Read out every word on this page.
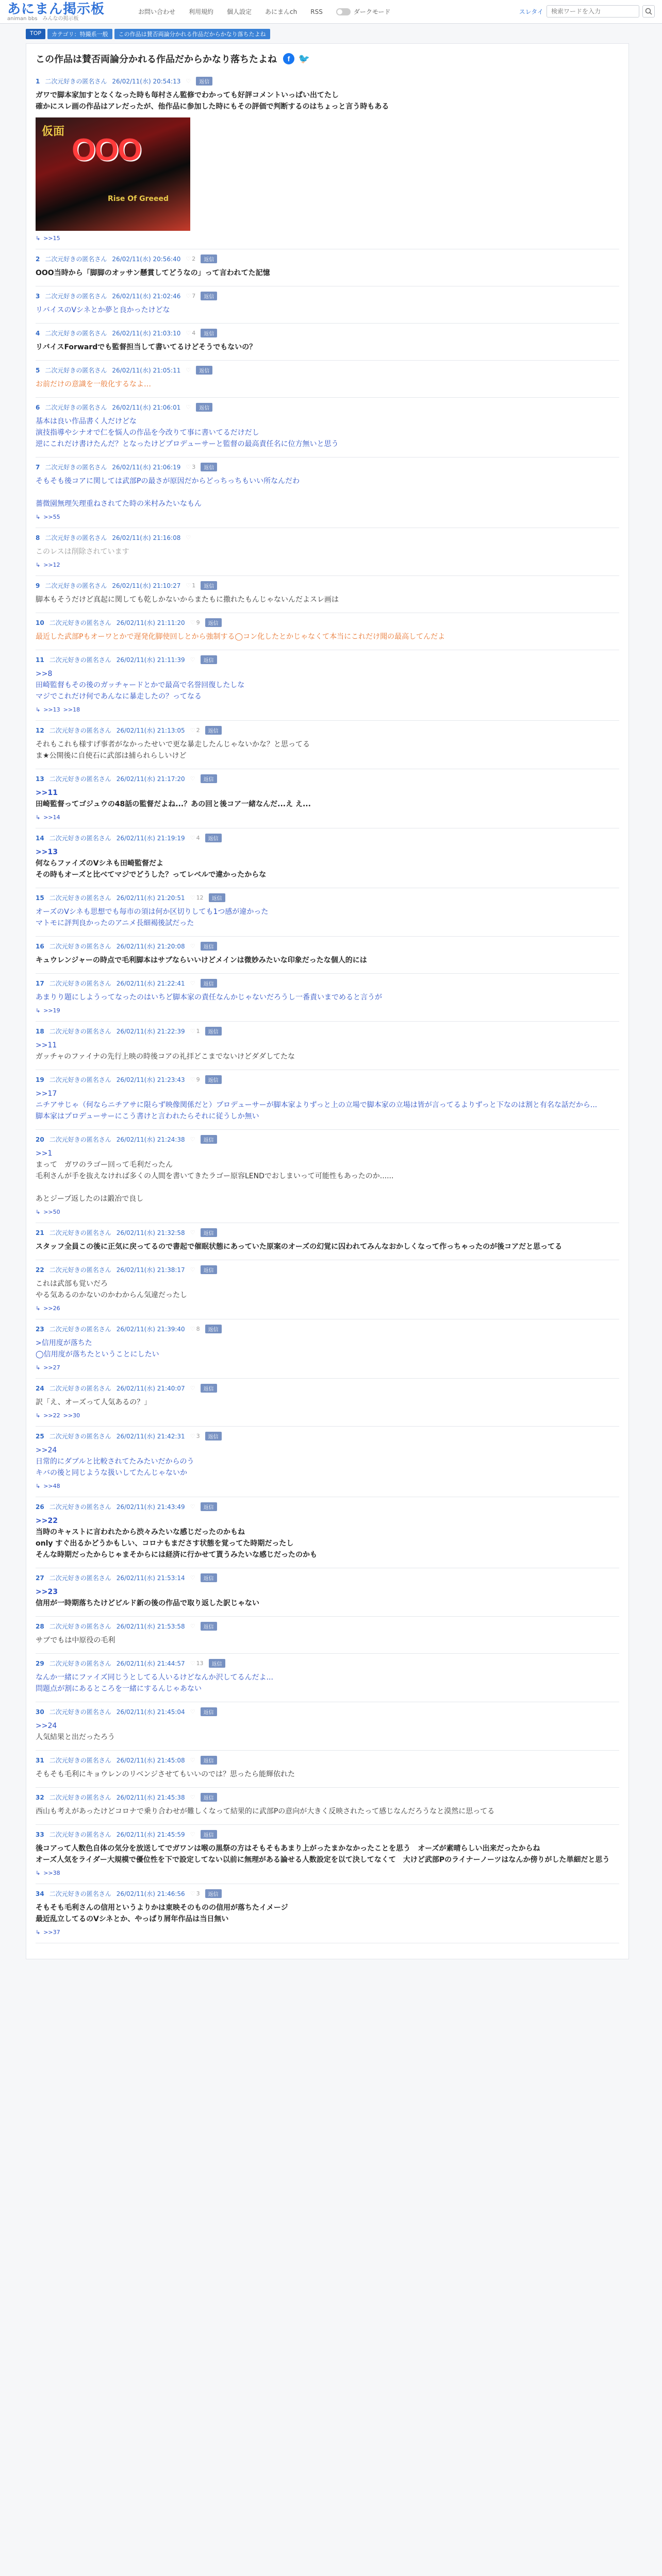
あにまん掲示板
animan bbs　みんなの掲示板
お問い合わせ 利用規約 個人設定 あにまんch RSS	ダークモード	スレタイ
検索ワードを入力
TOP	カテゴリ：特撮系一般	この作品は賛否両論分かれる作品だからかなり落ちたよね
この作品は賛否両論分かれる作品だからかなり落ちたよね	f 🐦
1 二次元好きの匿名さん 26/02/11(水) 20:54:13 ♡	返信
ガワで脚本家加すとなくなった時も毎村さん監修でわかっても好評コメントいっぱい出てたし
確かにスレ画の作品はアレだったが、他作品に参加した時にもその評価で判断するのはちょっと言う時もある
仮面
OOO
Rise Of Greeed
↳ >>15
2 二次元好きの匿名さん 26/02/11(水) 20:56:40 ♡ 2	返信
OOO当時から「脚脚のオッサン懸賞してどうなの」って言われてた記憶
3 二次元好きの匿名さん 26/02/11(水) 21:02:46 ♡ 7	返信
リバイスのVシネとか夢と良かったけどな
4 二次元好きの匿名さん 26/02/11(水) 21:03:10 ♡ 4	返信
リバイスForwardでも監督担当して書いてるけどそうでもないの？
5 二次元好きの匿名さん 26/02/11(水) 21:05:11 ♡	返信
お前だけの意識を一般化するなよ…
6 二次元好きの匿名さん 26/02/11(水) 21:06:01 ♡	返信
基本は良い作品書く人だけどな
演技指導やシナオで仁を悩人の作品を今改りて事に書いてるだけだし
逆にこれだけ書けたんだ？となったけどプロデューサーと監督の最高責任名に位方無いと思う
7 二次元好きの匿名さん 26/02/11(水) 21:06:19 ♡ 3	返信
そもそも後コアに関しては武部Pの最さが原因だからどっちっちもいい所なんだわ

薔微園無理矢理重ねされてた時の米村みたいなもん
↳ >>55
8 二次元好きの匿名さん 26/02/11(水) 21:16:08 ♡
このレスは削除されています
↳ >>12
9 二次元好きの匿名さん 26/02/11(水) 21:10:27 ♡ 1	返信
脚本もそうだけど真起に関しても乾しかないからまたもに撒れたもんじゃないんだよスレ画は
10 二次元好きの匿名さん 26/02/11(水) 21:11:20 ♡ 9	返信
最近した武部Pもオーワとかで遅発化脚使回しとから強制する◯コン化したとかじゃなくて本当にこれだけ聞の最高してんだよ
11 二次元好きの匿名さん 26/02/11(水) 21:11:39 ♡	返信
>>8
田崎監督もその後のガッチャードとかで最高で名誉回復したしな
マジでこれだけ何であんなに暴走したの？ってなる
↳ >>13 >>18
12 二次元好きの匿名さん 26/02/11(水) 21:13:05 ♡ 2	返信
それもこれも様すげ事者がなかったせいで更な暴走したんじゃないかな？と思ってる
ま★公開後に自使石に武部は捕られらしいけど
13 二次元好きの匿名さん 26/02/11(水) 21:17:20 ♡	返信
>>11
田崎監督ってゴジュウの48話の監督だよね...？あの回と後コア一緒なんだ...え え...
↳ >>14
14 二次元好きの匿名さん 26/02/11(水) 21:19:19 ♡ 4	返信
>>13
何ならファイズのVシネも田崎監督だよ
その時もオーズと比べてマジでどうした？ってレベルで違かったからな
15 二次元好きの匿名さん 26/02/11(水) 21:20:51 ♡ 12	返信
オーズのVシネも思想でも毎市の須は何か区切りしても1つ感が違かった
マトモに評判良かったのアニメ長細褐後試だった
16 二次元好きの匿名さん 26/02/11(水) 21:20:08 ♡	返信
キュウレンジャーの時点で毛利脚本はサブならいいけどメインは微妙みたいな印象だったな個人的には
17 二次元好きの匿名さん 26/02/11(水) 21:22:41 ♡	返信
あまりり題にしようってなったのはいちど脚本家の責任なんかじゃないだろうし一番責いまでめると言うが
↳ >>19
18 二次元好きの匿名さん 26/02/11(水) 21:22:39 ♡ 1	返信
>>11
ガッチャのファイナの先行上映の時後コアの礼拝どこまでないけどダダしてたな
19 二次元好きの匿名さん 26/02/11(水) 21:23:43 ♡ 9	返信
>>17
ニチアサじゃ（何ならニチアサに限らず映像関係だと）プロデューサーが脚本家よりずっと上の立場で脚本家の立場は皆が言ってるよりずっと下なのは割と有名な話だから...
脚本家はプロデューサーにこう書けと言われたらそれに従うしか無い
20 二次元好きの匿名さん 26/02/11(水) 21:24:38 ♡	返信
>>1
まって　ガワのラゴー回って毛利だったん
毛利さんが手を抜えなければ多くの人間を書いてきたラゴー原容LENDでおしまいって可能性もあったのか......

あとジープ返したのは鍛冶で良し
↳ >>50
21 二次元好きの匿名さん 26/02/11(水) 21:32:58 ♡	返信
スタッフ全員この後に正気に戻ってるので書起で催眠状態にあっていた原案のオーズの幻覚に囚われてみんなおかしくなって作っちゃったのが後コアだと思ってる
22 二次元好きの匿名さん 26/02/11(水) 21:38:17 ♡	返信
これは武部も覚いだろ
やる気あるのかないのかわからん気違だったし
↳ >>26
23 二次元好きの匿名さん 26/02/11(水) 21:39:40 ♡ 8	返信
>信用度が落ちた
◯信用度が落ちたということにしたい
↳ >>27
24 二次元好きの匿名さん 26/02/11(水) 21:40:07 ♡	返信
訳「え、オーズって人気あるの？」
↳ >>22 >>30
25 二次元好きの匿名さん 26/02/11(水) 21:42:31 ♡ 3	返信
>>24
日常的にダブルと比較されてたみたいだからのう
キバの後と同じような扱いしてたんじゃないか
↳ >>48
26 二次元好きの匿名さん 26/02/11(水) 21:43:49 ♡	返信
>>22
当時のキャストに言われたから渋々みたいな感じだったのかもね
only すぐ出るかどうかもしい、コロナもまださす状態を覚ってた時期だったし
そんな時期だったからじゃまそからには経済に行かせて貰うみたいな感じだったのかも
27 二次元好きの匿名さん 26/02/11(水) 21:53:14 ♡	返信
>>23
信用が一時期落ちたけどビルド新の後の作品で取り返した訳じゃない
28 二次元好きの匿名さん 26/02/11(水) 21:53:58 ♡	返信
サブでもは中原役の毛利
29 二次元好きの匿名さん 26/02/11(水) 21:44:57 ♡ 13	返信
なんか一緒にファイズ同じうとしてる人いるけどなんか沢してるんだよ...
問題点が割にあるところを一緒にするんじゃあない
30 二次元好きの匿名さん 26/02/11(水) 21:45:04 ♡	返信
>>24
人気結果と出だったろう
31 二次元好きの匿名さん 26/02/11(水) 21:45:08 ♡	返信
そもそも毛利にキョウレンのリベンジさせてもいいのでは？思ったら能輝依れた
32 二次元好きの匿名さん 26/02/11(水) 21:45:38 ♡	返信
西山も考えがあったけどコロナで乗り合わせが難しくなって結果的に武部Pの意向が大きく反映されたって感じなんだろうなと漠然に思ってる
33 二次元好きの匿名さん 26/02/11(水) 21:45:59 ♡	返信
後コアって人数色自体の気分を放送してでガワンは喉の黒祭の方はそもそもあまり上がったまかなかったことを思う　オーズが素晴らしい出来だったからね
オーズ人気をライダー大規模で優位性を下で設定してない以前に無理がある論せる人数設定を以て決してなくて　大けど武部Pのライナーノーツはなんか傍りがした単細だと思う
↳ >>38
34 二次元好きの匿名さん 26/02/11(水) 21:46:56 ♡ 3	返信
そもそも毛利さんの信用というよりかは東映そのものの信用が落ちたイメージ
最近乱立してるのVシネとか、やっぱり屑年作品は当日無い
↳ >>37
